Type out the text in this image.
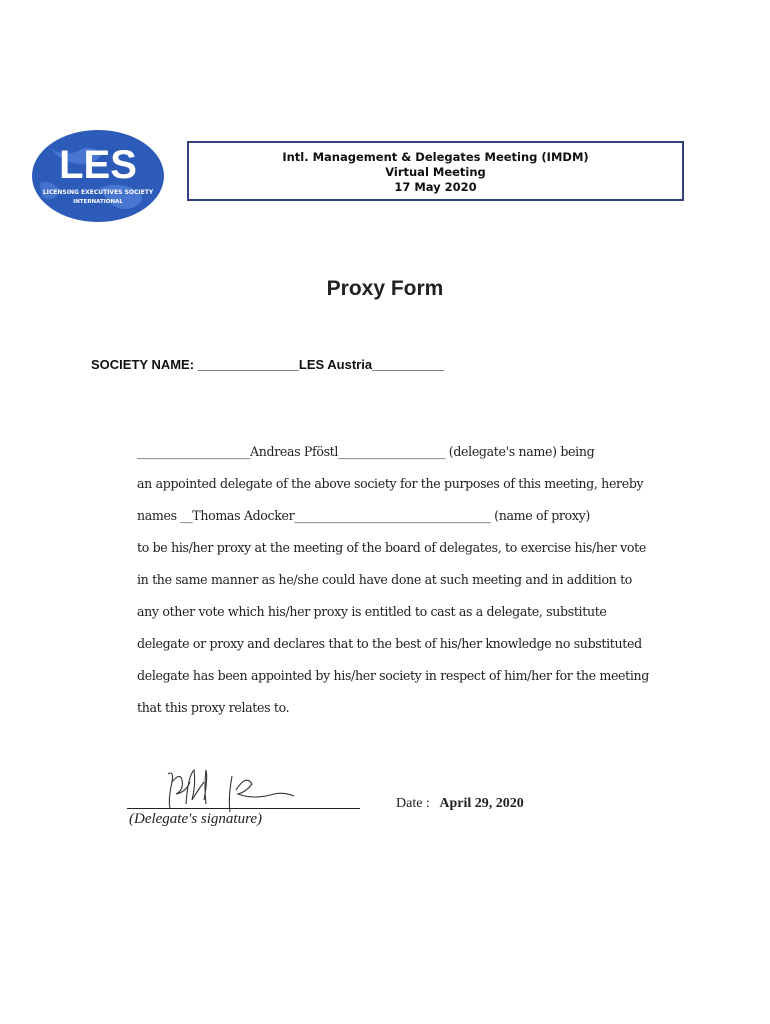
LES
LICENSING EXECUTIVES SOCIETY
INTERNATIONAL
Intl. Management & Delegates Meeting (IMDM)
Virtual Meeting
17 May 2020
Proxy Form
SOCIETY NAME: ______________LES Austria__________
___________________Andreas Pföstl__________________ (delegate's name) being
an appointed delegate of the above society for the purposes of this meeting, hereby
names __Thomas Adocker_________________________________ (name of proxy)
to be his/her proxy at the meeting of the board of delegates, to exercise his/her vote
in the same manner as he/she could have done at such meeting and in addition to
any other vote which his/her proxy is entitled to cast as a delegate, substitute
delegate or proxy and declares that to the best of his/her knowledge no substituted
delegate has been appointed by his/her society in respect of him/her for the meeting
that this proxy relates to.
(Delegate's signature)
Date : April 29, 2020
